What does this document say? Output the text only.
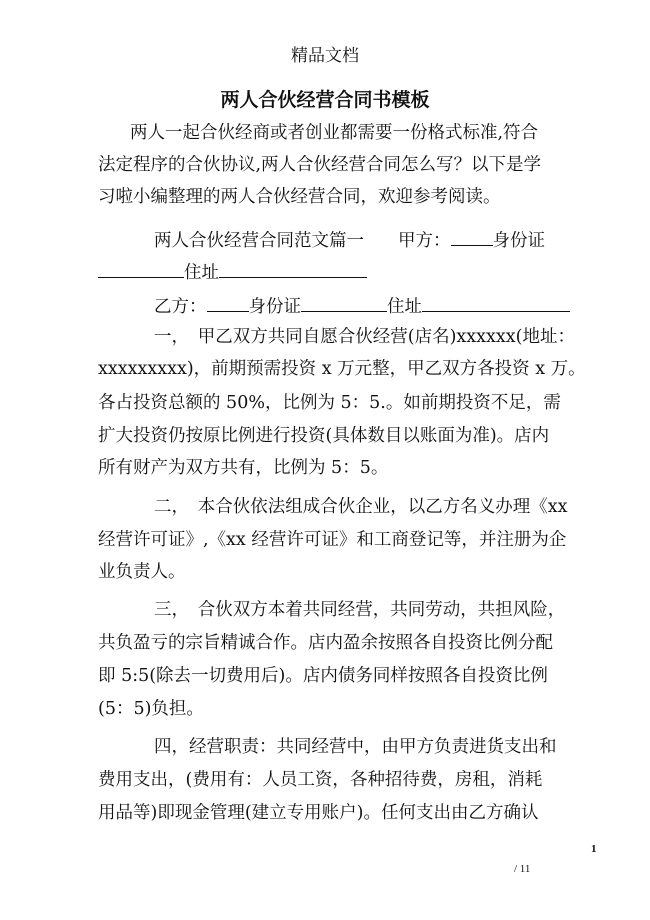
精品文档
两人合伙经营合同书模板
两人一起合伙经商或者创业都需要一份格式标准,符合
法定程序的合伙协议,两人合伙经营合同怎么写？以下是学
习啦小编整理的两人合伙经营合同，欢迎参考阅读。
两人合伙经营合同范文篇一 甲方： 身份证
住址
乙方： 身份证	住址
一，　甲乙双方共同自愿合伙经营(店名)xxxxxx(地址：
xxxxxxxxx)，前期预需投资 x 万元整，甲乙双方各投资 x 万。
各占投资总额的 50%，比例为 5：5.。如前期投资不足，需
扩大投资仍按原比例进行投资(具体数目以账面为准)。店内
所有财产为双方共有，比例为 5：5。
二，　本合伙依法组成合伙企业，以乙方名义办理《xx
经营许可证》,《xx 经营许可证》和工商登记等，并注册为企
业负责人。
三，　合伙双方本着共同经营，共同劳动，共担风险，
共负盈亏的宗旨精诚合作。店内盈余按照各自投资比例分配
即 5:5(除去一切费用后)。店内债务同样按照各自投资比例
(5：5)负担。
四，经营职责：共同经营中，由甲方负责进货支出和
费用支出，(费用有：人员工资，各种招待费，房租，消耗
用品等)即现金管理(建立专用账户)。任何支出由乙方确认
1
/ 11
